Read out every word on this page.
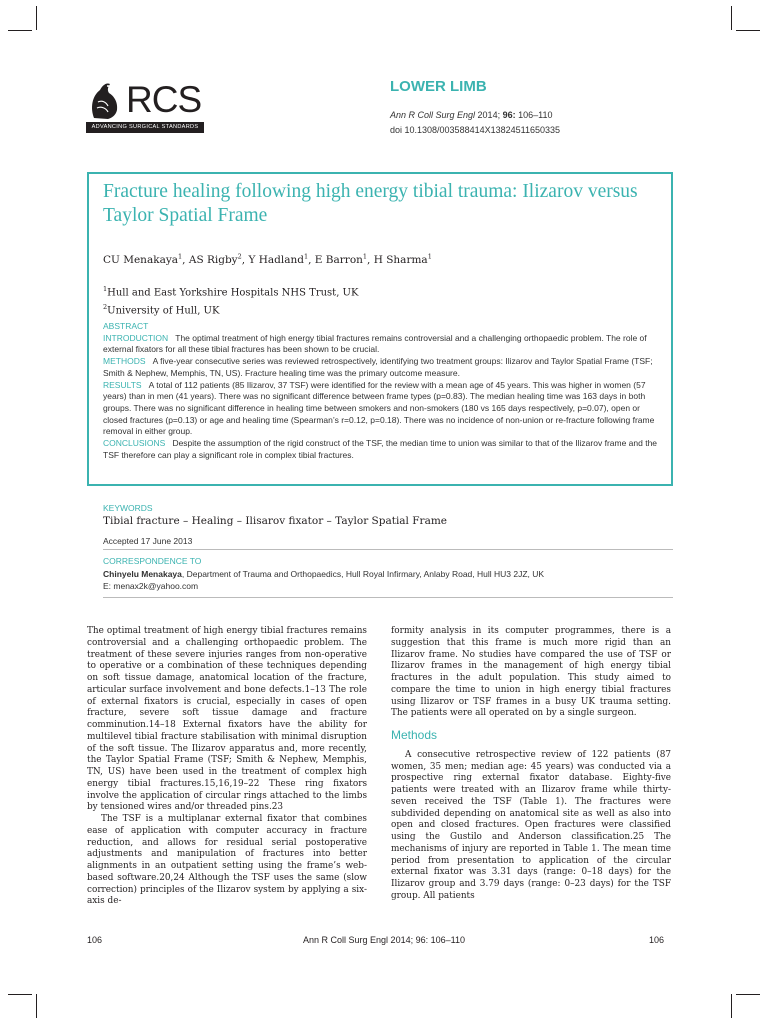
RCS
ADVANCING SURGICAL STANDARDS
LOWER LIMB
Ann R Coll Surg Engl 2014; 96: 106–110
doi 10.1308/003588414X13824511650335
Fracture healing following high energy tibial trauma: Ilizarov versus Taylor Spatial Frame
CU Menakaya$^1$, AS Rigby$^2$, Y Hadland$^1$, E Barron$^1$, H Sharma$^1$
$^1$Hull and East Yorkshire Hospitals NHS Trust, UK
$^2$University of Hull, UK

ABSTRACT

INTRODUCTION The optimal treatment of high energy tibial fractures remains controversial and a challenging orthopaedic problem. The role of external fixators for all these tibial fractures has been shown to be crucial.

METHODS A five-year consecutive series was reviewed retrospectively, identifying two treatment groups: Ilizarov and Taylor Spatial Frame (TSF; Smith & Nephew, Memphis, TN, US). Fracture healing time was the primary outcome measure.

RESULTS A total of 112 patients (85 Ilizarov, 37 TSF) were identified for the review with a mean age of 45 years. This was higher in women (57 years) than in men (41 years). There was no significant difference between frame types (p=0.83). The median healing time was 163 days in both groups. There was no significant difference in healing time between smokers and non-smokers (180 vs 165 days respectively, p=0.07), open or closed fractures (p=0.13) or age and healing time (Spearman’s r=0.12, p=0.18). There was no incidence of non-union or re-fracture following frame removal in either group.

CONCLUSIONS Despite the assumption of the rigid construct of the TSF, the median time to union was similar to that of the Ilizarov frame and the TSF therefore can play a significant role in complex tibial fractures.

KEYWORDS
Tibial fracture – Healing – Ilisarov fixator – Taylor Spatial Frame
Accepted 17 June 2013
CORRESPONDENCE TO
Chinyelu Menakaya, Department of Trauma and Orthopaedics, Hull Royal Infirmary, Anlaby Road, Hull HU3 2JZ, UK
E: menax2k@yahoo.com

The optimal treatment of high energy tibial fractures remains controversial and a challenging orthopaedic problem. The treatment of these severe injuries ranges from non-operative to operative or a combination of these techniques depending on soft tissue damage, anatomical location of the fracture, articular surface involvement and bone defects.1–13 The role of external fixators is crucial, especially in cases of open fracture, severe soft tissue damage and fracture comminution.14–18 External fixators have the ability for multilevel tibial fracture stabilisation with minimal disruption of the soft tissue. The Ilizarov apparatus and, more recently, the Taylor Spatial Frame (TSF; Smith & Nephew, Memphis, TN, US) have been used in the treatment of complex high energy tibial fractures.15,16,19–22 These ring fixators involve the application of circular rings attached to the limbs by tensioned wires and/or threaded pins.23

The TSF is a multiplanar external fixator that combines ease of application with computer accuracy in fracture reduction, and allows for residual serial postoperative adjustments and manipulation of fractures into better alignments in an outpatient setting using the frame’s web-based software.20,24 Although the TSF uses the same (slow correction) principles of the Ilizarov system by applying a six-axis de-

formity analysis in its computer programmes, there is a suggestion that this frame is much more rigid than an Ilizarov frame. No studies have compared the use of TSF or Ilizarov frames in the management of high energy tibial fractures in the adult population. This study aimed to compare the time to union in high energy tibial fractures using Ilizarov or TSF frames in a busy UK trauma setting. The patients were all operated on by a single surgeon.

Methods

A consecutive retrospective review of 122 patients (87 women, 35 men; median age: 45 years) was conducted via a prospective ring external fixator database. Eighty-five patients were treated with an Ilizarov frame while thirty-seven received the TSF (Table 1). The fractures were subdivided depending on anatomical site as well as also into open and closed fractures. Open fractures were classified using the Gustilo and Anderson classification.25 The mechanisms of injury are reported in Table 1. The mean time period from presentation to application of the circular external fixator was 3.31 days (range: 0–18 days) for the Ilizarov group and 3.79 days (range: 0–23 days) for the TSF group. All patients

106	Ann R Coll Surg Engl 2014; 96: 106–110	106
